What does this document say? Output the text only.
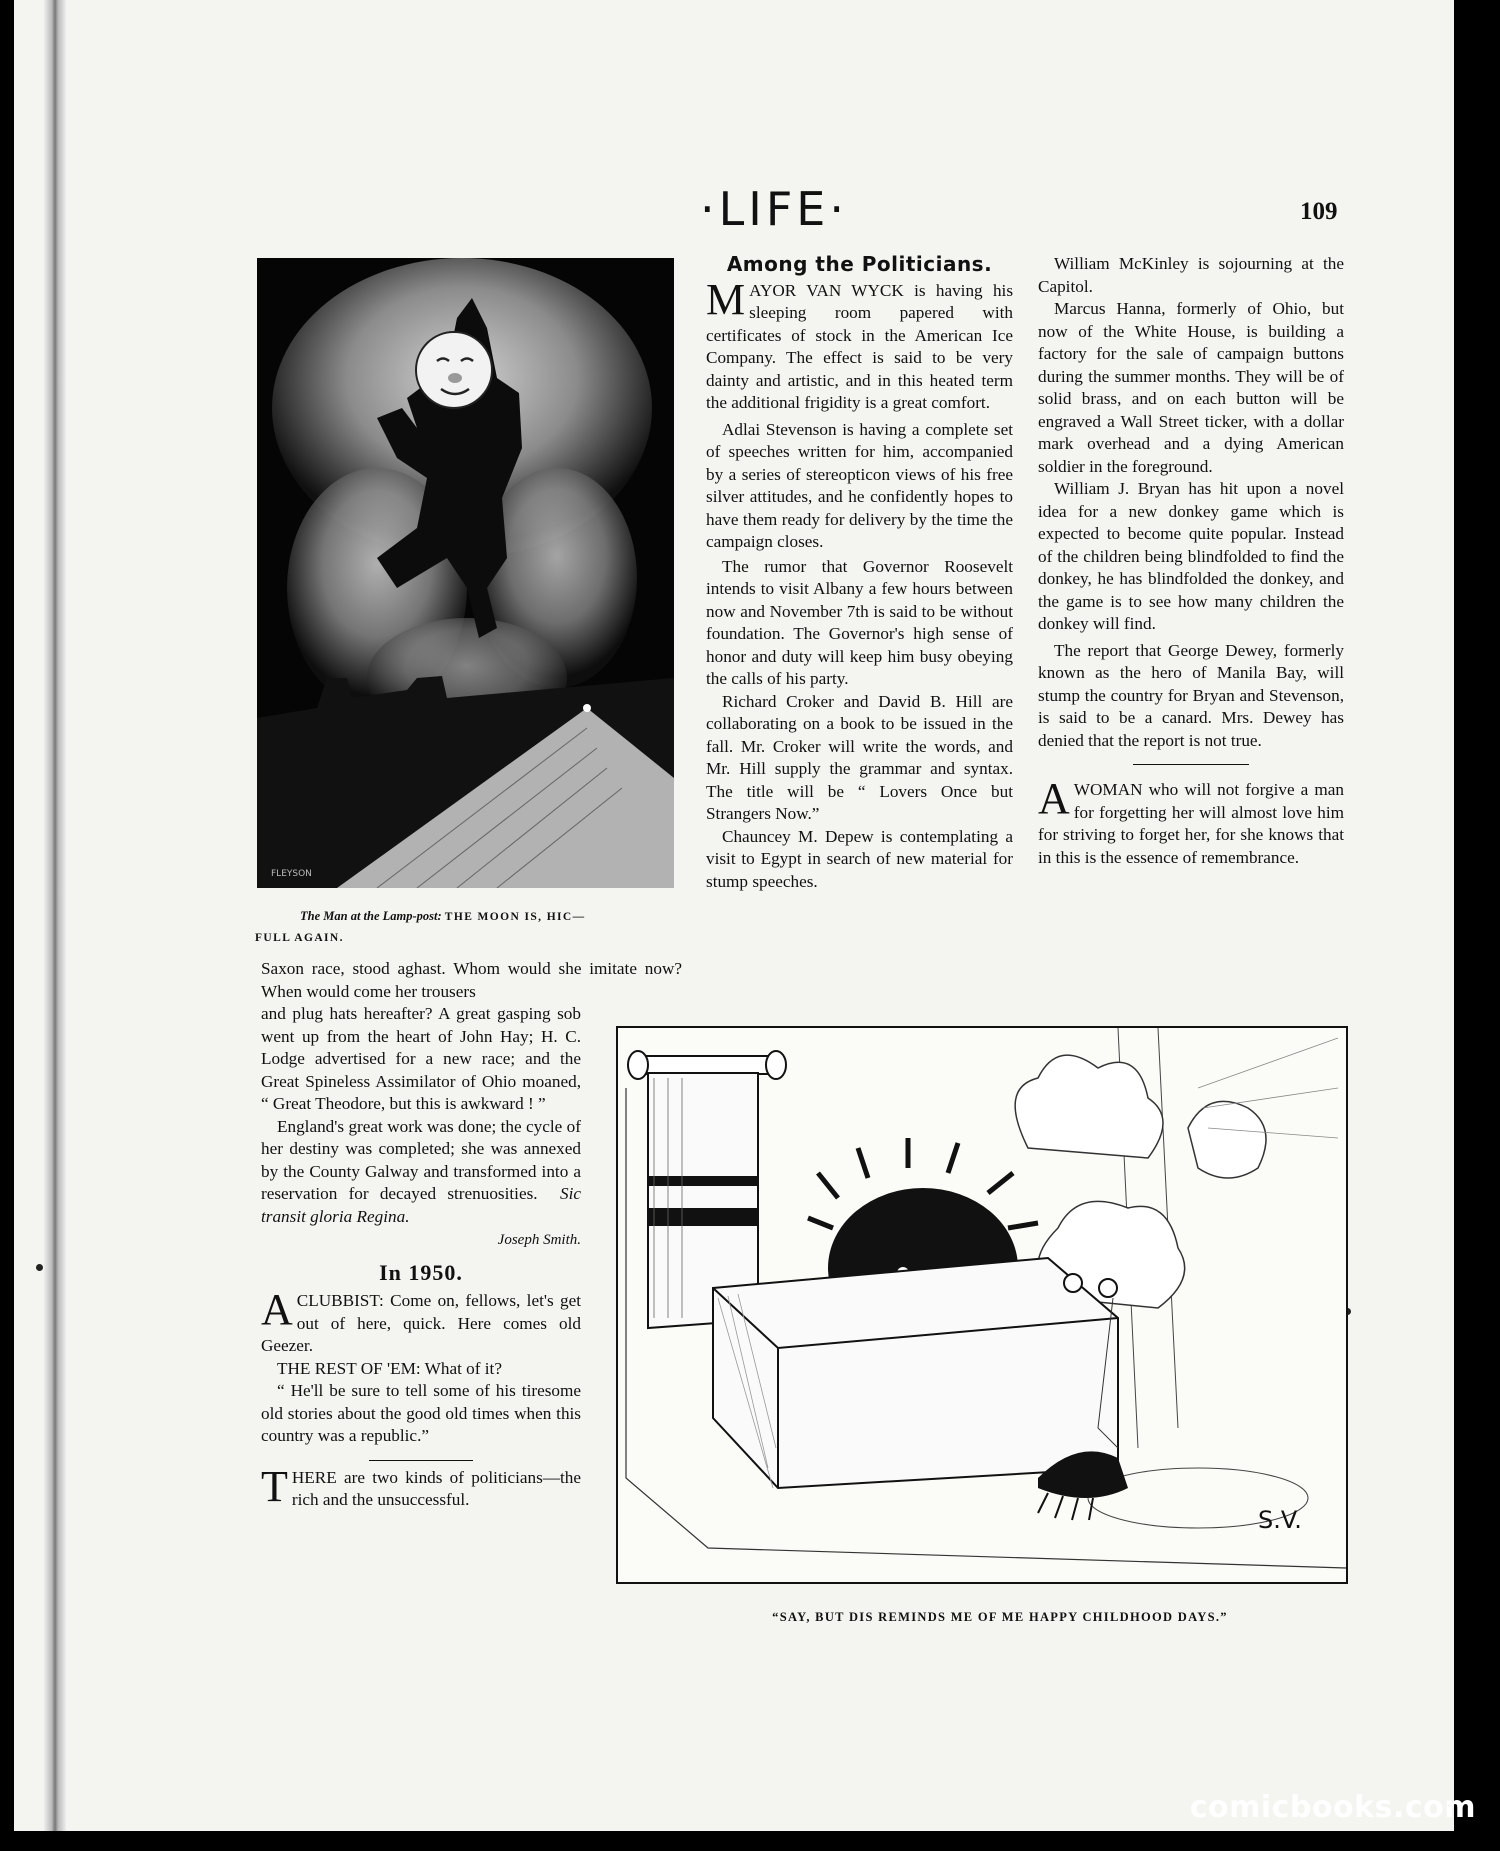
·LIFE·	109
FLEYSON
The Man at the Lamp-post: THE MOON IS, HIC—
FULL AGAIN.

Saxon race, stood aghast. Whom would she imitate now? When would come her trousers

and plug hats hereafter? A great gasping sob went up from the heart of John Hay; H. C. Lodge advertised for a new race; and the Great Spineless Assimilator of Ohio moaned, “ Great Theodore, but this is awkward ! ”

England's great work was done; the cycle of her destiny was completed; she was annexed by the County Galway and transformed into a reservation for decayed strenuosities. Sic transit gloria Regina.

Joseph Smith.

In 1950.

ACLUBBIST: Come on, fellows, let's get out of here, quick. Here comes old Geezer.

THE REST OF 'EM: What of it?

“ He'll be sure to tell some of his tiresome old stories about the good old times when this country was a republic.”

THERE are two kinds of politicians—the rich and the unsuccessful.

Among the Politicians.

MAYOR VAN WYCK is having his sleeping room papered with certificates of stock in the American Ice Company. The effect is said to be very dainty and artistic, and in this heated term the additional frigidity is a great comfort.

Adlai Stevenson is having a complete set of speeches written for him, accompanied by a series of stereopticon views of his free silver attitudes, and he confidently hopes to have them ready for delivery by the time the campaign closes.

The rumor that Governor Roosevelt intends to visit Albany a few hours between now and November 7th is said to be without foundation. The Governor's high sense of honor and duty will keep him busy obeying the calls of his party.

Richard Croker and David B. Hill are collaborating on a book to be issued in the fall. Mr. Croker will write the words, and Mr. Hill supply the grammar and syntax. The title will be “ Lovers Once but Strangers Now.”

Chauncey M. Depew is contemplating a visit to Egypt in search of new material for stump speeches.

William McKinley is sojourning at the Capitol.

Marcus Hanna, formerly of Ohio, but now of the White House, is building a factory for the sale of campaign buttons during the summer months. They will be of solid brass, and on each button will be engraved a Wall Street ticker, with a dollar mark overhead and a dying American soldier in the foreground.

William J. Bryan has hit upon a novel idea for a new donkey game which is expected to become quite popular. Instead of the children being blindfolded to find the donkey, he has blindfolded the donkey, and the game is to see how many children the donkey will find.

The report that George Dewey, formerly known as the hero of Manila Bay, will stump the country for Bryan and Stevenson, is said to be a canard. Mrs. Dewey has denied that the report is not true.

AWOMAN who will not forgive a man for forgetting her will almost love him for striving to forget her, for she knows that in this is the essence of remembrance.

S.V.
“SAY, BUT DIS REMINDS ME OF ME HAPPY CHILDHOOD DAYS.”
comicbooks.com
